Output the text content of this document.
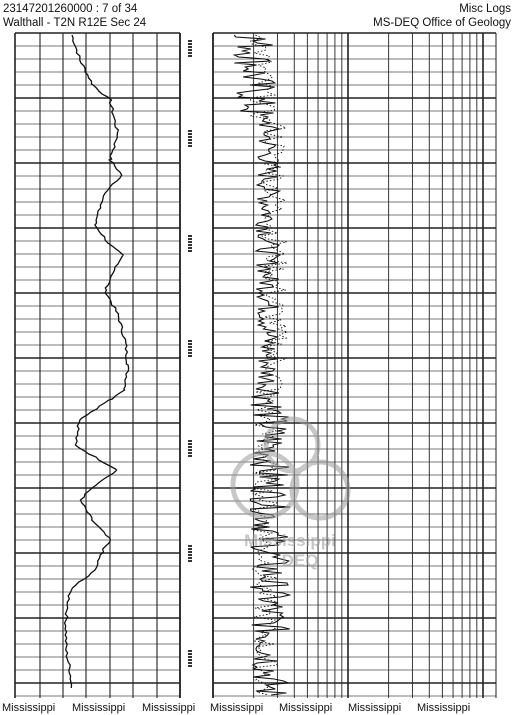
23147201260000 : 7 of 34
Walthall - T2N R12E Sec 24
Misc Logs
MS-DEQ Office of Geology
Mississippi
DEQ
Mississippi Mississippi Mississippi Mississippi Mississippi Mississippi Mississippi
